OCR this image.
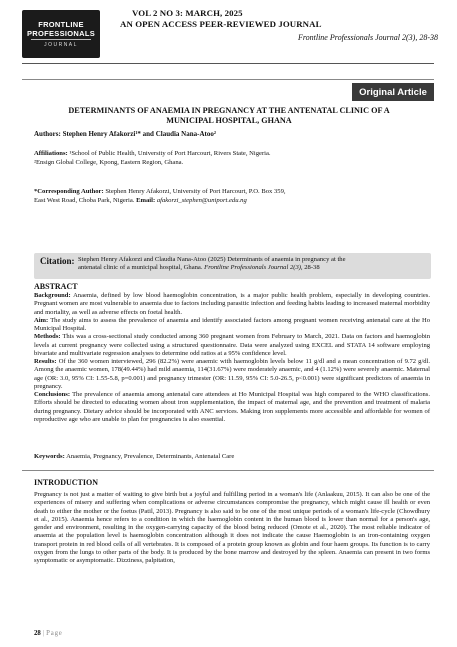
FRONTLINE
PROFESSIONALS
JOURNAL
VOL 2 NO 3: MARCH, 2025
AN OPEN ACCESS PEER-REVIEWED JOURNAL
Frontline Professionals Journal 2(3), 28-38
Original Article
DETERMINANTS OF ANAEMIA IN PREGNANCY AT THE ANTENATAL CLINIC OF A
MUNICIPAL HOSPITAL, GHANA
Authors: Stephen Henry Afakorzi¹* and Claudia Nana-Atoo²
Affiliations: ¹School of Public Health, University of Port Harcourt, Rivers State, Nigeria.
²Ensign Global College, Kpong, Eastern Region, Ghana.
*Corresponding Author: Stephen Henry Afakorzi, University of Port Harcourt, P.O. Box 359,
East West Road, Choba Park, Nigeria. Email: afakorzi_stephen@uniport.edu.ng
Citation: Stephen Henry Afakorzi and Claudia Nana-Atoo (2025) Determinants of anaemia in pregnancy at the
antenatal clinic of a municipal hospital, Ghana. Frontline Professionals Journal 2(3), 28-38
ABSTRACT

Background: Anaemia, defined by low blood haemoglobin concentration, is a major public health problem, especially in developing countries. Pregnant women are most vulnerable to anaemia due to factors including parasitic infection and feeding habits leading to increased maternal morbidity and mortality, as well as adverse effects on foetal health.

Aim: The study aims to assess the prevalence of anaemia and identify associated factors among pregnant women receiving antenatal care at the Ho Municipal Hospital.

Methods: This was a cross-sectional study conducted among 360 pregnant women from February to March, 2021. Data on factors and haemoglobin levels at current pregnancy were collected using a structured questionnaire. Data were analyzed using EXCEL and STATA 14 software employing bivariate and multivariate regression analyses to determine odd ratios at a 95% confidence level.

Results: Of the 360 women interviewed, 296 (82.2%) were anaemic with haemoglobin levels below 11 g/dl and a mean concentration of 9.72 g/dl. Among the anaemic women, 178(49.44%) had mild anaemia, 114(31.67%) were moderately anaemic, and 4 (1.12%) were severely anaemic. Maternal age (OR: 3.0, 95% CI: 1.55-5.8, p=0.001) and pregnancy trimester (OR: 11.59, 95% CI: 5.0-26.5, p<0.001) were significant predictors of anaemia in pregnancy.

Conclusions: The prevalence of anaemia among antenatal care attendees at Ho Municipal Hospital was high compared to the WHO classifications. Efforts should be directed to educating women about iron supplementation, the impact of maternal age, and the prevention and treatment of malaria during pregnancy. Dietary advice should be incorporated with ANC services. Making iron supplements more accessible and affordable for women of reproductive age who are unable to plan for pregnancies is also essential.

Keywords: Anaemia, Pregnancy, Prevalence, Determinants, Antenatal Care
INTRODUCTION

Pregnancy is not just a matter of waiting to give birth but a joyful and fulfilling period in a woman's life (Anlaakuu, 2015). It can also be one of the experiences of misery and suffering when complications or adverse circumstances compromise the pregnancy, which might cause ill health or even death to either the mother or the foetus (Patil, 2013). Pregnancy is also said to be one of the most unique periods of a woman's life-cycle (Chowdhury et al., 2015). Anaemia hence refers to a condition in which the haemoglobin content in the human blood is lower than normal for a person's age, gender and environment, resulting in the oxygen-carrying capacity of the blood being reduced (Omote et al., 2020). The most reliable indicator of anaemia at the population level is haemoglobin concentration although it does not indicate the cause Haemoglobin is an iron-containing oxygen transport protein in red blood cells of all vertebrates. It is composed of a protein group known as globin and four haem groups. Its function is to carry oxygen from the lungs to other parts of the body. It is produced by the bone marrow and destroyed by the spleen. Anaemia can present in two forms symptomatic or asymptomatic. Dizziness, palpitation,

28 | Page
